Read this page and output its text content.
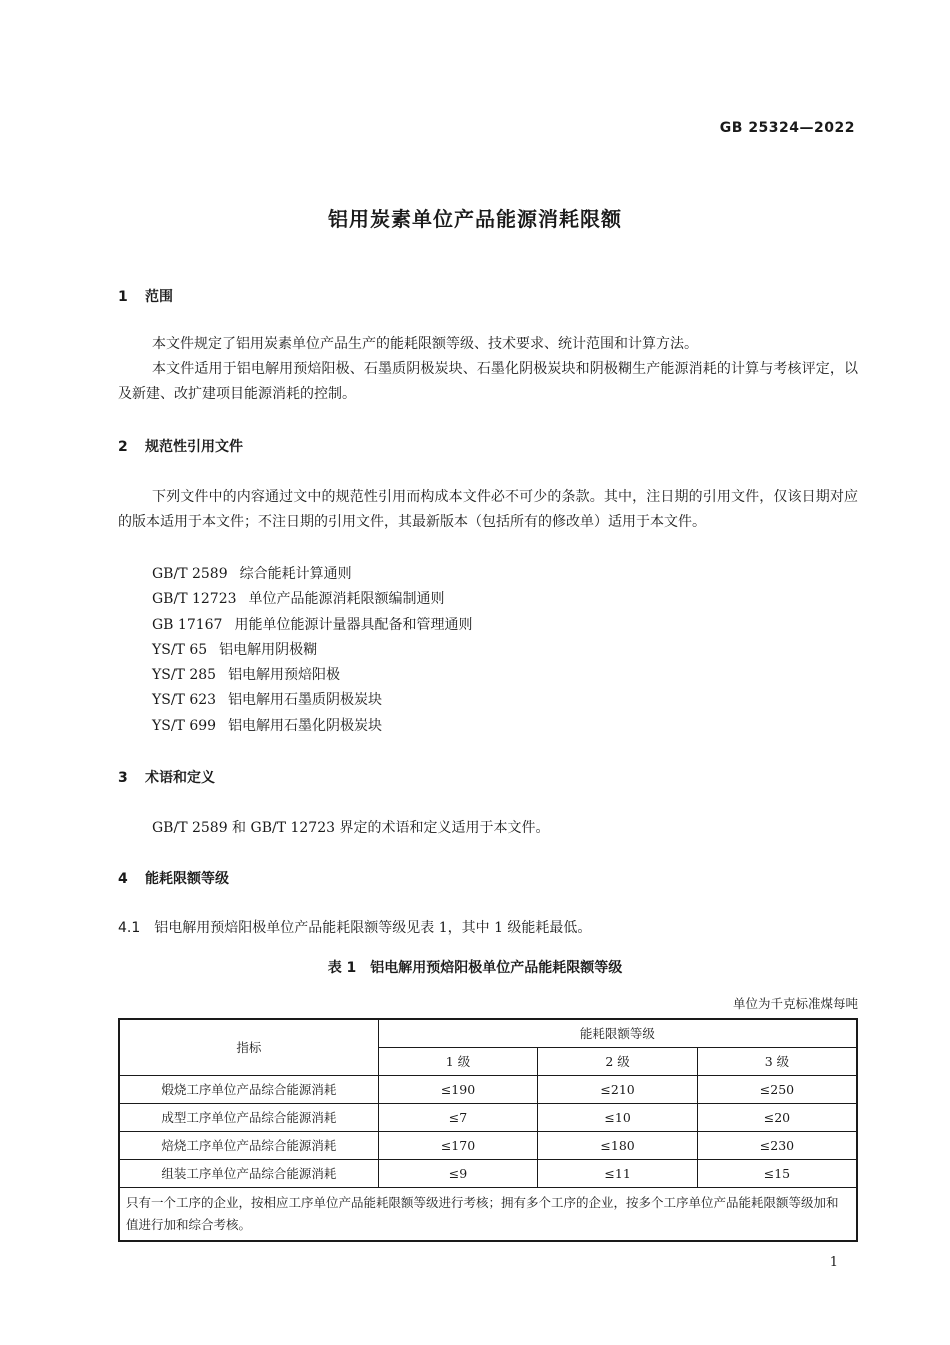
GB 25324—2022
铝用炭素单位产品能源消耗限额
1 范围
本文件规定了铝用炭素单位产品生产的能耗限额等级、技术要求、统计范围和计算方法。
本文件适用于铝电解用预焙阳极、石墨质阴极炭块、石墨化阴极炭块和阴极糊生产能源消耗的计算与考核评定，以及新建、改扩建项目能源消耗的控制。
2 规范性引用文件
下列文件中的内容通过文中的规范性引用而构成本文件必不可少的条款。其中，注日期的引用文件，仅该日期对应的版本适用于本文件；不注日期的引用文件，其最新版本（包括所有的修改单）适用于本文件。
GB/T 2589 综合能耗计算通则
GB/T 12723 单位产品能源消耗限额编制通则
GB 17167 用能单位能源计量器具配备和管理通则
YS/T 65 铝电解用阴极糊
YS/T 285 铝电解用预焙阳极
YS/T 623 铝电解用石墨质阴极炭块
YS/T 699 铝电解用石墨化阴极炭块
3 术语和定义
GB/T 2589 和 GB/T 12723 界定的术语和定义适用于本文件。
4 能耗限额等级
4.1 铝电解用预焙阳极单位产品能耗限额等级见表 1，其中 1 级能耗最低。
表 1　铝电解用预焙阳极单位产品能耗限额等级
单位为千克标准煤每吨
指标	能耗限额等级		
	1 级	2 级	3 级
煅烧工序单位产品综合能源消耗	≤190	≤210	≤250
成型工序单位产品综合能源消耗	≤7	≤10	≤20
焙烧工序单位产品综合能源消耗	≤170	≤180	≤230
组装工序单位产品综合能源消耗	≤9	≤11	≤15
只有一个工序的企业，按相应工序单位产品能耗限额等级进行考核；拥有多个工序的企业，按多个工序单位产品能耗限额等级加和值进行加和综合考核。			
1
